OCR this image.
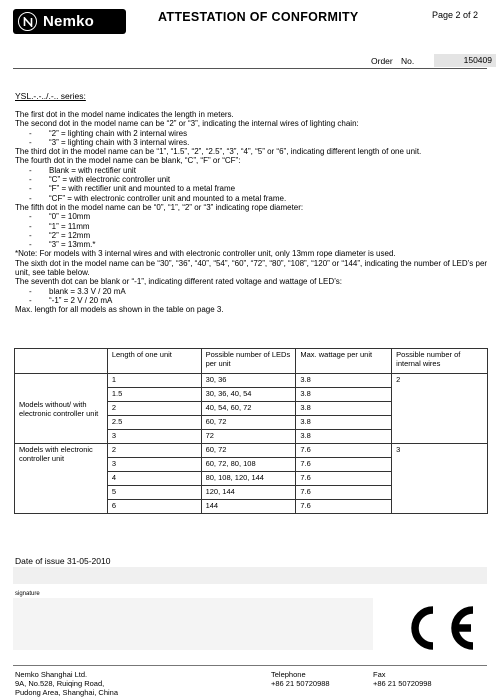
Nemko	ATTESTATION OF CONFORMITY	Page 2 of 2
Order No.	150409
YSL.-.-../.-.. series:
The first dot in the model name indicates the length in meters.
The second dot in the model name can be “2” or “3”, indicating the internal wires of lighting chain:
- “2” = lighting chain with 2 internal wires
- “3” = lighting chain with 3 internal wires.
The third dot in the model name can be “1”, “1.5”, “2”, “2.5”, “3”, “4”, “5” or “6”, indicating different length of one unit.
The fourth dot in the model name can be blank, “C”, “F” or “CF”:
- Blank = with rectifier unit
- “C” = with electronic controller unit
- “F” = with rectifier unit and mounted to a metal frame
- “CF” = with electronic controller unit and mounted to a metal frame.
The fifth dot in the model name can be “0”, “1”, “2” or “3” indicating rope diameter:
- “0” = 10mm
- “1” = 11mm
- “2” = 12mm
- “3” = 13mm.*
*Note: For models with 3 internal wires and with electronic controller unit, only 13mm rope diameter is used.
The sixth dot in the model name can be “30”, “36”, “40”, “54”, “60”, “72”, “80”, “108”, “120” or “144”, indicating the number of LED’s per unit, see table below.
The seventh dot can be blank or “-1”, indicating different rated voltage and wattage of LED’s:
- blank = 3.3 V / 20 mA
- “-1” = 2 V / 20 mA
Max. length for all models as shown in the table on page 3.
	Length of one unit	Possible number of LEDs per unit	Max. wattage per unit	Possible number of internal wires
Models without/ with electronic controller unit	1	30, 36	3.8	2
	1.5	30, 36, 40, 54	3.8	
	2	40, 54, 60, 72	3.8	
	2.5	60, 72	3.8	
	3	72	3.8	
Models with electronic controller unit	2	60, 72	7.6	3
	3	60, 72, 80, 108	7.6	
	4	80, 108, 120, 144	7.6	
	5	120, 144	7.6	
	6	144	7.6	
Date of issue 31-05-2010
signature
Nemko Shanghai Ltd.
9A, No.528, Ruiqing Road,
Pudong Area, Shanghai, China
Telephone
+86 21 50720988
Fax
+86 21 50720998
